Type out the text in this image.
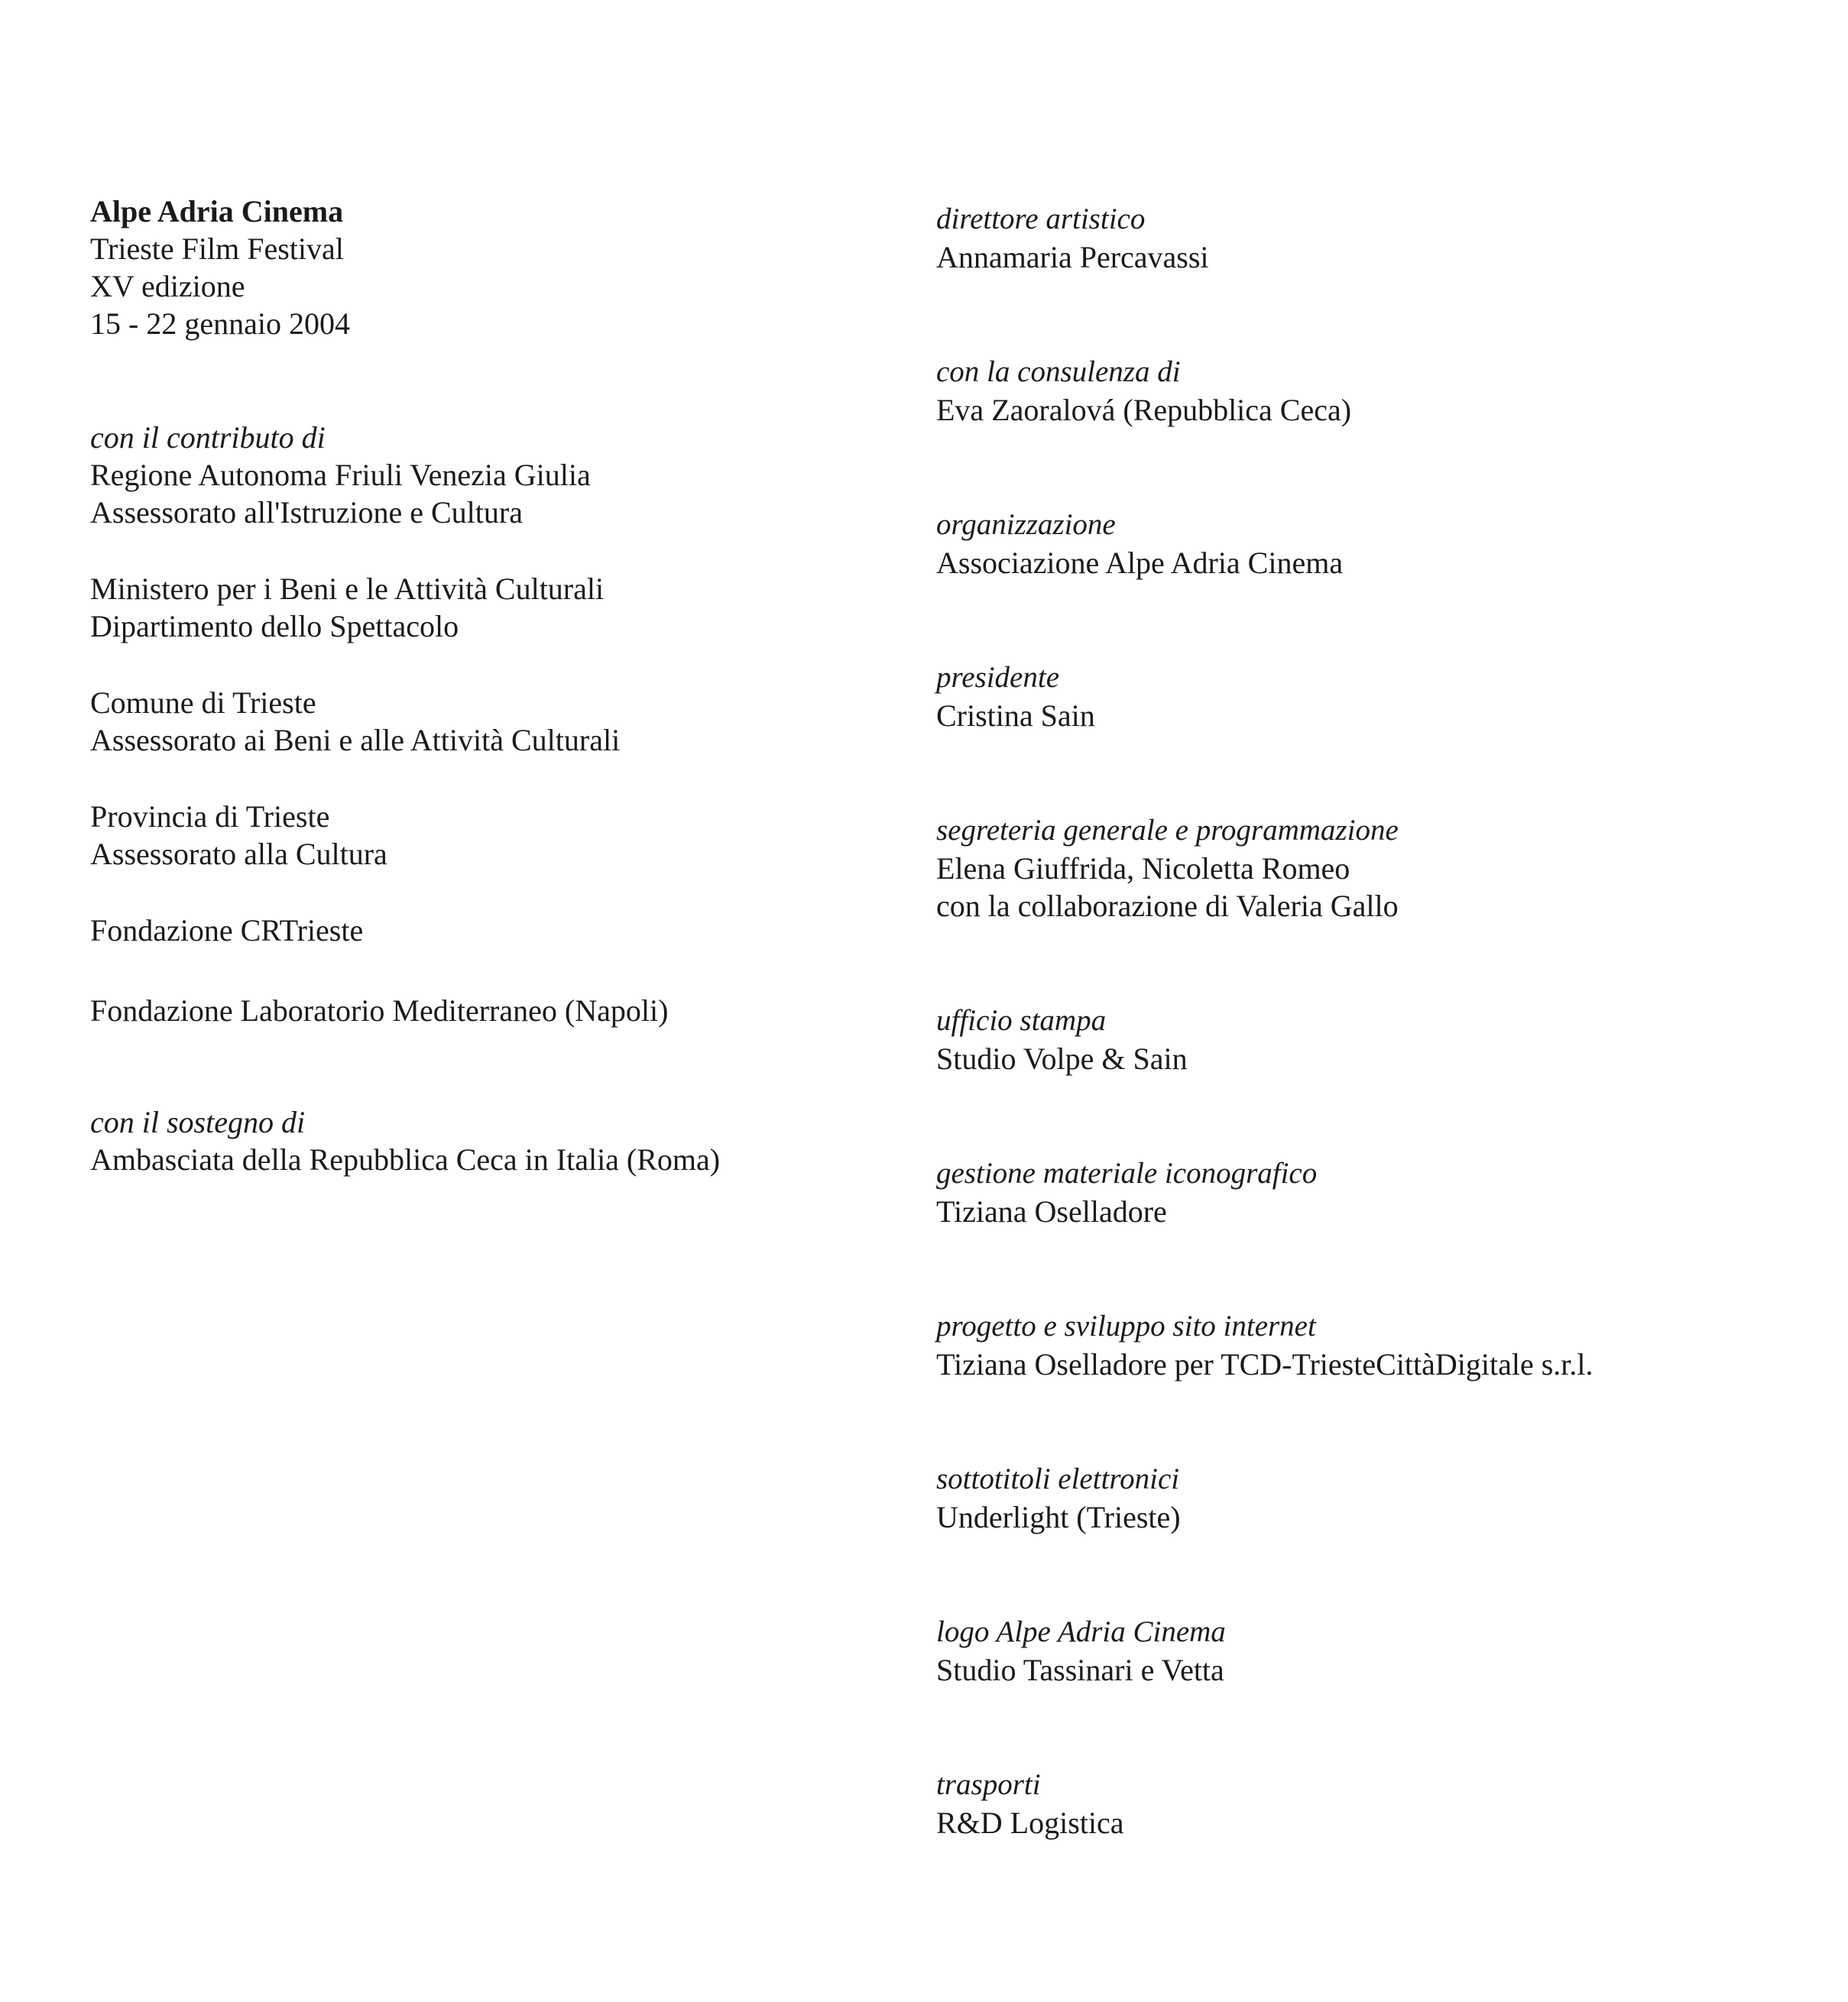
Alpe Adria Cinema
Trieste Film Festival
XV edizione
15 - 22 gennaio 2004
con il contributo di
Regione Autonoma Friuli Venezia Giulia
Assessorato all'Istruzione e Cultura
Ministero per i Beni e le Attività Culturali
Dipartimento dello Spettacolo
Comune di Trieste
Assessorato ai Beni e alle Attività Culturali
Provincia di Trieste
Assessorato alla Cultura
Fondazione CRTrieste
Fondazione Laboratorio Mediterraneo (Napoli)
con il sostegno di
Ambasciata della Repubblica Ceca in Italia (Roma)
direttore artistico
Annamaria Percavassi
con la consulenza di
Eva Zaoralová (Repubblica Ceca)
organizzazione
Associazione Alpe Adria Cinema
presidente
Cristina Sain
segreteria generale e programmazione
Elena Giuffrida, Nicoletta Romeo
con la collaborazione di Valeria Gallo
ufficio stampa
Studio Volpe & Sain
gestione materiale iconografico
Tiziana Oselladore
progetto e sviluppo sito internet
Tiziana Oselladore per TCD-TriesteCittàDigitale s.r.l.
sottotitoli elettronici
Underlight (Trieste)
logo Alpe Adria Cinema
Studio Tassinari e Vetta
trasporti
R&D Logistica
